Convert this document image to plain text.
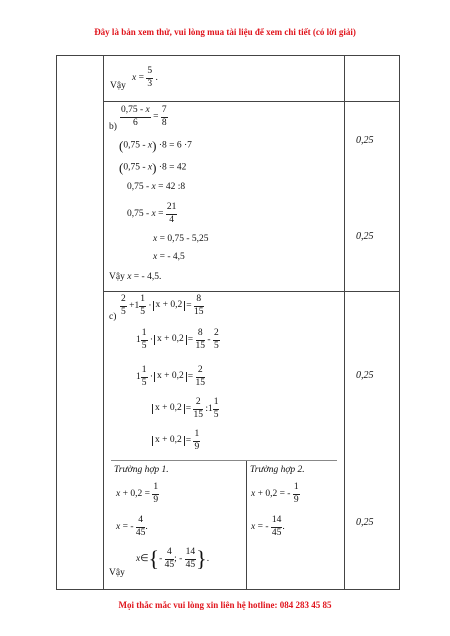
Đây là bản xem thử, vui lòng mua tài liệu để xem chi tiết (có lời giải)
Vậy
$x = \frac{5}{3}$ .
$b) \frac{0,75 - x}{6} = \frac{7}{8}$
(0,75 - x) ·8 = 6 ·7
(0,75 - x) ·8 = 42
0,75 - x = 42 :8
$0,75 - x = \frac{21}{4}$
x = 0,75 - 5,25
x = - 4,5
Vậy x = - 4,5.
0,25
0,25
$c) \frac{2}{5} +1 \frac{1}{5} \cdot x + 0,2 = \frac{8}{15}$
$1 \frac{1}{5} \cdot x + 0,2 = \frac{8}{15} - \frac{2}{5}$
$1 \frac{1}{5} \cdot x + 0,2 = \frac{2}{15}$
$x + 0,2 = \frac{2}{15}$ :1 $\frac{1}{5}$
$x + 0,2 = \frac{1}{9}$
Trường hợp 1.
$x + 0,2 = \frac{1}{9}$
x = - $\frac{4}{45}$ .
Trường hợp 2.
x + 0,2 = - $\frac{1}{9}$
x = - $\frac{14}{45}$ .
Vậy
x∈{- $\frac{4}{45}$ ; - $\frac{14}{45}$ }.
0,25
0,25
Mọi thắc mắc vui lòng xin liên hệ hotline: 084 283 45 85
